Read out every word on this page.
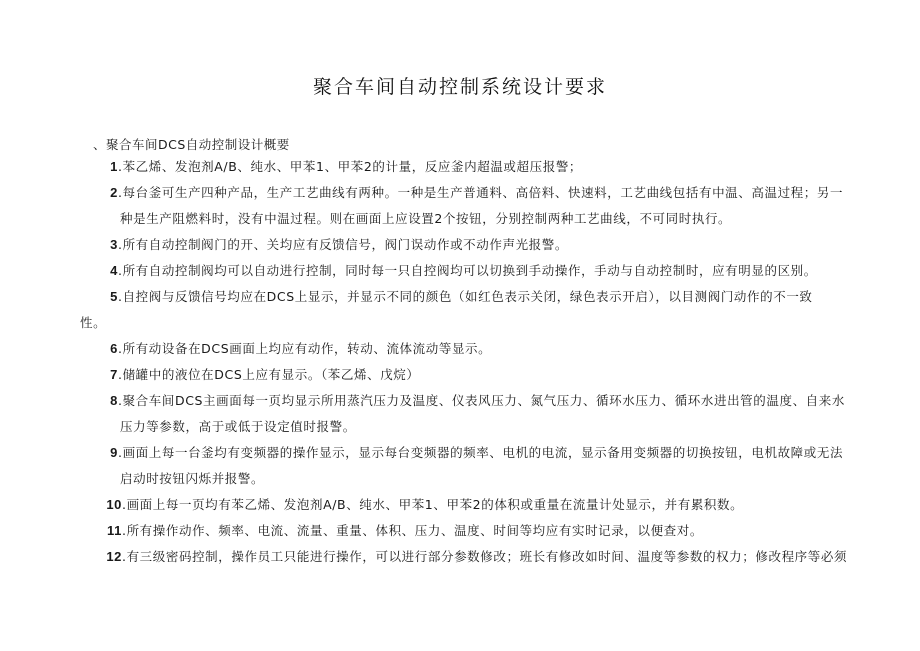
聚合车间自动控制系统设计要求
、聚合车间DCS自动控制设计概要
1.苯乙烯、发泡剂A/B、纯水、甲苯1、甲苯2的计量，反应釜内超温或超压报警；
2.每台釜可生产四种产品，生产工艺曲线有两种。一种是生产普通料、高倍料、快速料，工艺曲线包括有中温、高温过程；另一
种是生产阻燃料时，没有中温过程。则在画面上应设置2个按钮，分别控制两种工艺曲线，不可同时执行。
3.所有自动控制阀门的开、关均应有反馈信号，阀门误动作或不动作声光报警。
4.所有自动控制阀均可以自动进行控制，同时每一只自控阀均可以切换到手动操作，手动与自动控制时，应有明显的区别。
5.自控阀与反馈信号均应在DCS上显示，并显示不同的颜色（如红色表示关闭，绿色表示开启），以目测阀门动作的不一致
性。
6.所有动设备在DCS画面上均应有动作，转动、流体流动等显示。
7.储罐中的液位在DCS上应有显示。（苯乙烯、戊烷）
8.聚合车间DCS主画面每一页均显示所用蒸汽压力及温度、仪表风压力、氮气压力、循环水压力、循环水进出管的温度、自来水
压力等参数，高于或低于设定值时报警。
9.画面上每一台釜均有变频器的操作显示，显示每台变频器的频率、电机的电流，显示备用变频器的切换按钮，电机故障或无法
启动时按钮闪烁并报警。
10.画面上每一页均有苯乙烯、发泡剂A/B、纯水、甲苯1、甲苯2的体积或重量在流量计处显示，并有累积数。
11.所有操作动作、频率、电流、流量、重量、体积、压力、温度、时间等均应有实时记录，以便查对。
12.有三级密码控制，操作员工只能进行操作，可以进行部分参数修改；班长有修改如时间、温度等参数的权力；修改程序等必须
